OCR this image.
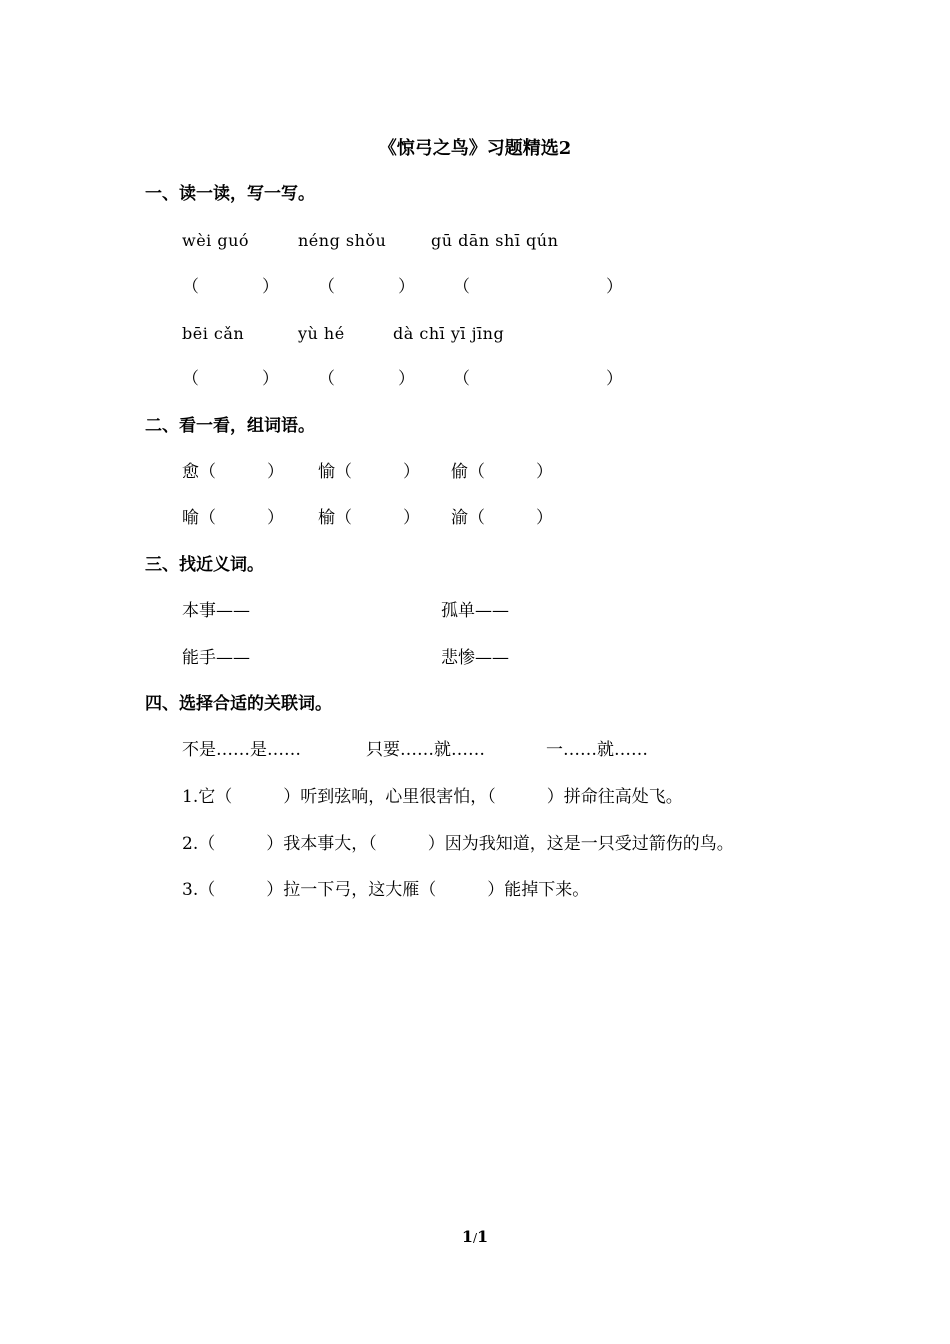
《惊弓之鸟》习题精选2
一、读一读，写一写。
wèi guó	néng shǒu	gū dān shī qún
（	） （	） （	）
bēi cǎn	yù hé	dà chī yī jīng
（	） （	） （	）
二、看一看，组词语。
愈（　　　） 愉（　　　） 偷（　　　）
喻（　　　） 榆（　　　） 渝（　　　）
三、找近义词。
本事——	孤单——
能手——	悲惨——
四、选择合适的关联词。
不是……是……	只要……就……	一……就……
1.它（　　　）听到弦响，心里很害怕，（　　　）拼命往高处飞。
2.（　　　）我本事大，（　　　）因为我知道，这是一只受过箭伤的鸟。
3.（　　　）拉一下弓，这大雁（　　　）能掉下来。
1/1
